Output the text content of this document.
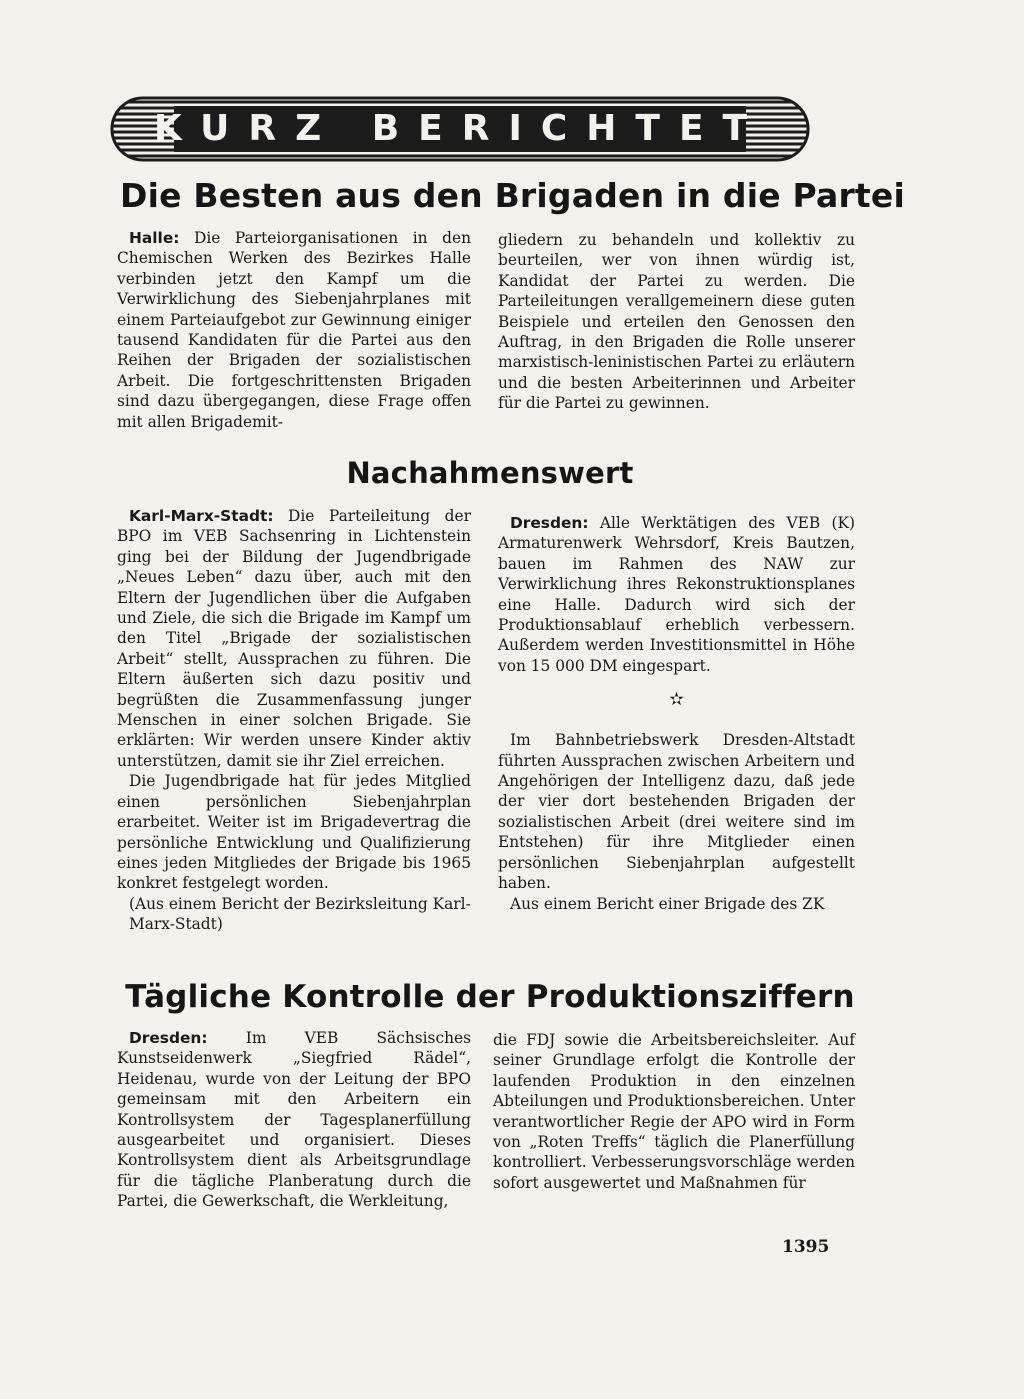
KURZ BERICHTET
Die Besten aus den Brigaden in die Partei

Halle: Die Parteiorganisationen in den Chemischen Werken des Bezirkes Halle verbinden jetzt den Kampf um die Verwirklichung des Siebenjahrplanes mit einem Parteiaufgebot zur Gewinnung einiger tausend Kandidaten für die Partei aus den Reihen der Brigaden der sozialistischen Arbeit. Die fortgeschrittensten Brigaden sind dazu übergegangen, diese Frage offen mit allen Brigademit-

gliedern zu behandeln und kollektiv zu beurteilen, wer von ihnen würdig ist, Kandidat der Partei zu werden. Die Parteileitungen verallgemeinern diese guten Beispiele und erteilen den Genossen den Auftrag, in den Brigaden die Rolle unserer marxistisch-leninistischen Partei zu erläutern und die besten Arbeiterinnen und Arbeiter für die Partei zu gewinnen.

Nachahmenswert

Karl-Marx-Stadt: Die Parteileitung der BPO im VEB Sachsenring in Lichtenstein ging bei der Bildung der Jugendbrigade „Neues Leben“ dazu über, auch mit den Eltern der Jugendlichen über die Aufgaben und Ziele, die sich die Brigade im Kampf um den Titel „Brigade der sozialistischen Arbeit“ stellt, Aussprachen zu führen. Die Eltern äußerten sich dazu positiv und begrüßten die Zusammenfassung junger Menschen in einer solchen Brigade. Sie erklärten: Wir werden unsere Kinder aktiv unterstützen, damit sie ihr Ziel erreichen.

Die Jugendbrigade hat für jedes Mitglied einen persönlichen Siebenjahrplan erarbeitet. Weiter ist im Brigadevertrag die persönliche Entwicklung und Qualifizierung eines jeden Mitgliedes der Brigade bis 1965 konkret festgelegt worden.

(Aus einem Bericht der Bezirksleitung Karl-Marx-Stadt)

Dresden: Alle Werktätigen des VEB (K) Armaturenwerk Wehrsdorf, Kreis Bautzen, bauen im Rahmen des NAW zur Verwirklichung ihres Rekonstruktionsplanes eine Halle. Dadurch wird sich der Produktionsablauf erheblich verbessern. Außerdem werden Investitionsmittel in Höhe von 15 000 DM eingespart.

✫

Im Bahnbetriebswerk Dresden-Altstadt führten Aussprachen zwischen Arbeitern und Angehörigen der Intelligenz dazu, daß jede der vier dort bestehenden Brigaden der sozialistischen Arbeit (drei weitere sind im Entstehen) für ihre Mitglieder einen persönlichen Siebenjahrplan aufgestellt haben.

Aus einem Bericht einer Brigade des ZK

Tägliche Kontrolle der Produktionsziffern

Dresden: Im VEB Sächsisches Kunstseidenwerk „Siegfried Rädel“, Heidenau, wurde von der Leitung der BPO gemeinsam mit den Arbeitern ein Kontrollsystem der Tagesplanerfüllung ausgearbeitet und organisiert. Dieses Kontrollsystem dient als Arbeitsgrundlage für die tägliche Planberatung durch die Partei, die Gewerkschaft, die Werkleitung,

die FDJ sowie die Arbeitsbereichsleiter. Auf seiner Grundlage erfolgt die Kontrolle der laufenden Produktion in den einzelnen Abteilungen und Produktionsbereichen. Unter verantwortlicher Regie der APO wird in Form von „Roten Treffs“ täglich die Planerfüllung kontrolliert. Verbesserungsvorschläge werden sofort ausgewertet und Maßnahmen für

1395
